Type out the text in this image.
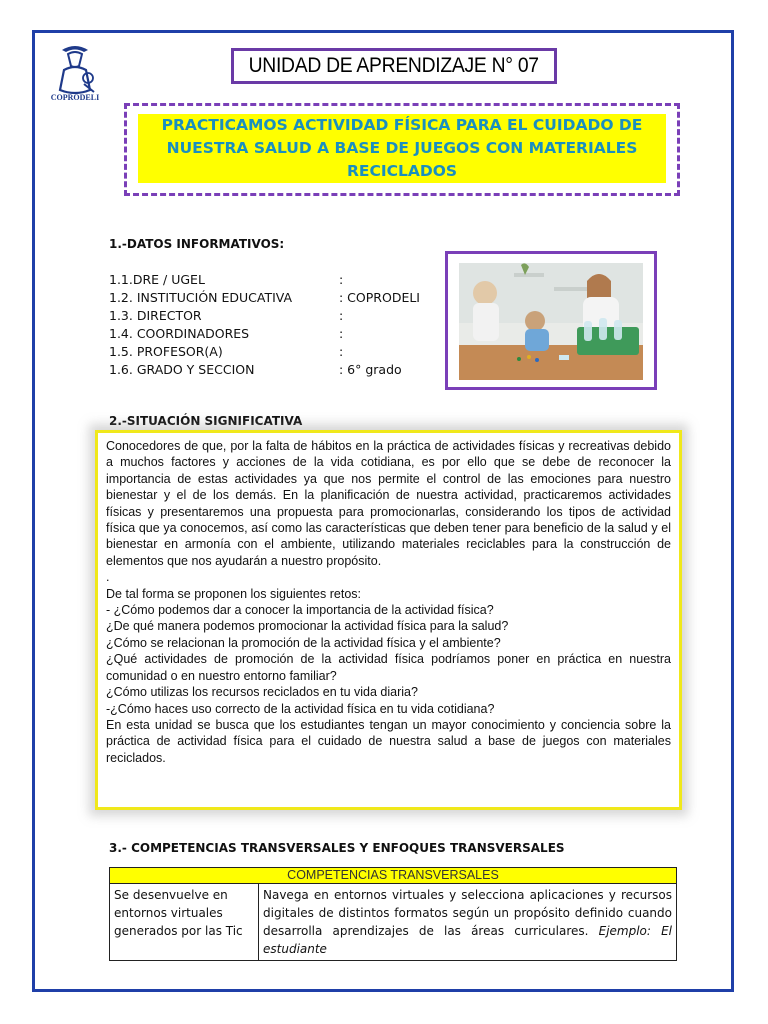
COPRODELI
UNIDAD DE APRENDIZAJE N° 07
PRACTICAMOS ACTIVIDAD FÍSICA PARA EL CUIDADO DE NUESTRA SALUD A BASE DE JUEGOS CON MATERIALES RECICLADOS
1.-DATOS INFORMATIVOS:
1.1.DRE / UGEL	:
1.2. INSTITUCIÓN EDUCATIVA	: COPRODELI
1.3. DIRECTOR	:
1.4. COORDINADORES	:
1.5. PROFESOR(A)	:
1.6. GRADO Y SECCION	: 6° grado
2.-SITUACIÓN SIGNIFICATIVA

Conocedores de que, por la falta de hábitos en la práctica de actividades físicas y recreativas debido a muchos factores y acciones de la vida cotidiana, es por ello que se debe de reconocer la importancia de estas actividades ya que nos permite el control de las emociones para nuestro bienestar y el de los demás. En la planificación de nuestra actividad, practicaremos actividades físicas y presentaremos una propuesta para promocionarlas, considerando los tipos de actividad física que ya conocemos, así como las características que deben tener para beneficio de la salud y el bienestar en armonía con el ambiente, utilizando materiales reciclables para la construcción de elementos que nos ayudarán a nuestro propósito.

.

De tal forma se proponen los siguientes retos:

- ¿Cómo podemos dar a conocer la importancia de la actividad física?

¿De qué manera podemos promocionar la actividad física para la salud?

¿Cómo se relacionan la promoción de la actividad física y el ambiente?

¿Qué actividades de promoción de la actividad física podríamos poner en práctica en nuestra comunidad o en nuestro entorno familiar?

¿Cómo utilizas los recursos reciclados en tu vida diaria?

-¿Cómo haces uso correcto de la actividad física en tu vida cotidiana?

En esta unidad se busca que los estudiantes tengan un mayor conocimiento y conciencia sobre la práctica de actividad física para el cuidado de nuestra salud a base de juegos con materiales reciclados.

3.- COMPETENCIAS TRANSVERSALES Y ENFOQUES TRANSVERSALES
COMPETENCIAS TRANSVERSALES
Se desenvuelve en entornos virtuales generados por las Tic	Navega en entornos virtuales y selecciona aplicaciones y recursos digitales de distintos formatos según un propósito definido cuando desarrolla aprendizajes de las áreas curriculares. Ejemplo: El estudiante
